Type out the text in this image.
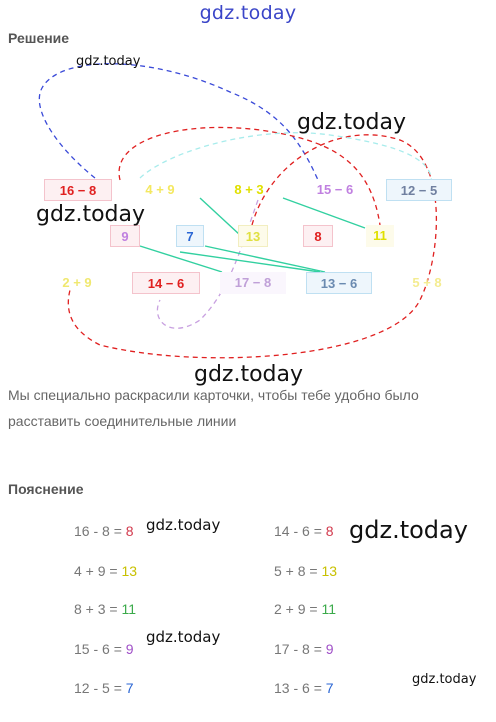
gdz.today
Решение
16 − 8	4 + 9	8 + 3	15 − 6	12 − 5
9	7	13	8	11
2 + 9	14 − 6	17 − 8	13 − 6	5 + 8
gdz.today
gdz.today
gdz.today
gdz.today
Мы специально раскрасили карточки, чтобы тебе удобно было
расставить соединительные линии
Пояснение
16 - 8 = 8
4 + 9 = 13
8 + 3 = 11
15 - 6 = 9
12 - 5 = 7
14 - 6 = 8
5 + 8 = 13
2 + 9 = 11
17 - 8 = 9
13 - 6 = 7
gdz.today	gdz.today
gdz.today
gdz.today
